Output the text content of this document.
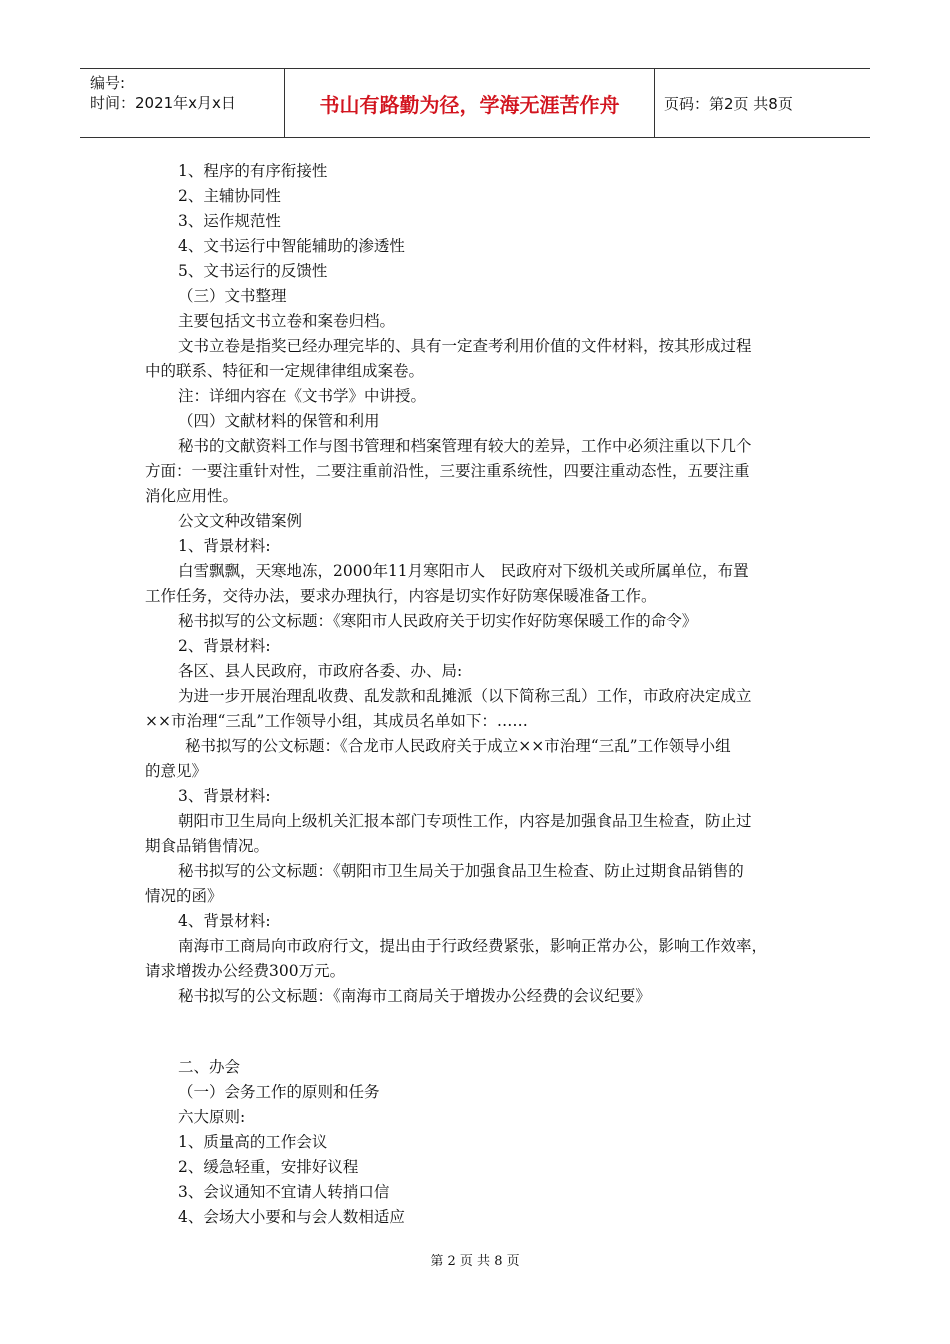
编号:
时间：2021年x月x日	书山有路勤为径，学海无涯苦作舟	页码：第2页 共8页
1、程序的有序衔接性
2、主辅协同性
3、运作规范性
4、文书运行中智能辅助的渗透性
5、文书运行的反馈性
（三）文书整理
主要包括文书立卷和案卷归档。
文书立卷是指奖已经办理完毕的、具有一定查考利用价值的文件材料，按其形成过程
中的联系、特征和一定规律律组成案卷。
注：详细内容在《文书学》中讲授。
（四）文献材料的保管和利用
秘书的文献资料工作与图书管理和档案管理有较大的差异，工作中必须注重以下几个
方面：一要注重针对性，二要注重前沿性，三要注重系统性，四要注重动态性，五要注重
消化应用性。
公文文种改错案例
1、背景材料:
白雪飘飘，天寒地冻，2000年11月寒阳市人　民政府对下级机关或所属单位，布置
工作任务，交待办法，要求办理执行，内容是切实作好防寒保暖准备工作。
秘书拟写的公文标题：《寒阳市人民政府关于切实作好防寒保暖工作的命令》
2、背景材料:
各区、县人民政府，市政府各委、办、局:
为进一步开展治理乱收费、乱发款和乱摊派（以下简称三乱）工作，市政府决定成立
××市治理“三乱”工作领导小组，其成员名单如下：……
秘书拟写的公文标题：《合龙市人民政府关于成立××市治理“三乱”工作领导小组
的意见》
3、背景材料:
朝阳市卫生局向上级机关汇报本部门专项性工作，内容是加强食品卫生检查，防止过
期食品销售情况。
秘书拟写的公文标题：《朝阳市卫生局关于加强食品卫生检查、防止过期食品销售的
情况的函》
4、背景材料:
南海市工商局向市政府行文，提出由于行政经费紧张，影响正常办公，影响工作效率，
请求增拨办公经费300万元。
秘书拟写的公文标题：《南海市工商局关于增拨办公经费的会议纪要》
二、办会
（一）会务工作的原则和任务
六大原则:
1、质量高的工作会议
2、缓急轻重，安排好议程
3、会议通知不宜请人转捎口信
4、会场大小要和与会人数相适应
第 2 页 共 8 页
